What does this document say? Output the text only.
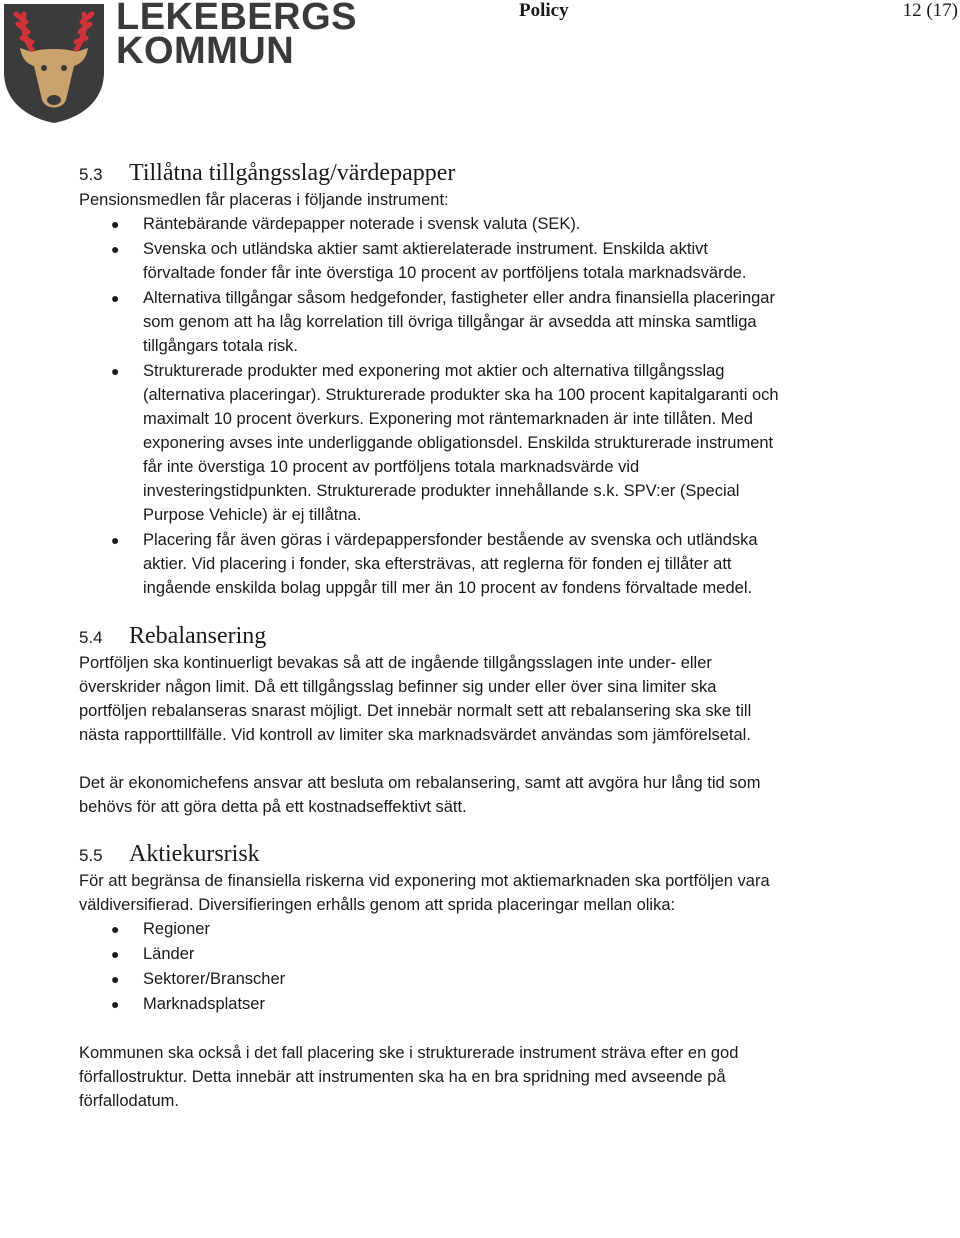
LEKEBERGS
KOMMUN
Policy	12 (17)
5.3 Tillåtna tillgångsslag/värdepapper

Pensionsmedlen får placeras i följande instrument:

● Räntebärande värdepapper noterade i svensk valuta (SEK).
● Svenska och utländska aktier samt aktierelaterade instrument. Enskilda aktivt förvaltade fonder får inte överstiga 10 procent av portföljens totala marknadsvärde.
● Alternativa tillgångar såsom hedgefonder, fastigheter eller andra finansiella placeringar som genom att ha låg korrelation till övriga tillgångar är avsedda att minska samtliga tillgångars totala risk.
● Strukturerade produkter med exponering mot aktier och alternativa tillgångsslag (alternativa placeringar). Strukturerade produkter ska ha 100 procent kapitalgaranti och maximalt 10 procent överkurs. Exponering mot räntemarknaden är inte tillåten. Med exponering avses inte underliggande obligationsdel. Enskilda strukturerade instrument får inte överstiga 10 procent av portföljens totala marknadsvärde vid investeringstidpunkten. Strukturerade produkter innehållande s.k. SPV:er (Special Purpose Vehicle) är ej tillåtna.
● Placering får även göras i värdepappersfonder bestående av svenska och utländska aktier. Vid placering i fonder, ska eftersträvas, att reglerna för fonden ej tillåter att ingående enskilda bolag uppgår till mer än 10 procent av fondens förvaltade medel.
5.4 Rebalansering

Portföljen ska kontinuerligt bevakas så att de ingående tillgångsslagen inte under- eller överskrider någon limit. Då ett tillgångsslag befinner sig under eller över sina limiter ska portföljen rebalanseras snarast möjligt. Det innebär normalt sett att rebalansering ska ske till nästa rapporttillfälle. Vid kontroll av limiter ska marknadsvärdet användas som jämförelsetal.

Det är ekonomichefens ansvar att besluta om rebalansering, samt att avgöra hur lång tid som behövs för att göra detta på ett kostnadseffektivt sätt.

5.5 Aktiekursrisk

För att begränsa de finansiella riskerna vid exponering mot aktiemarknaden ska portföljen vara väldiversifierad. Diversifieringen erhålls genom att sprida placeringar mellan olika:

● Regioner
● Länder
● Sektorer/Branscher
● Marknadsplatser

Kommunen ska också i det fall placering ske i strukturerade instrument sträva efter en god förfallostruktur. Detta innebär att instrumenten ska ha en bra spridning med avseende på förfallodatum.
